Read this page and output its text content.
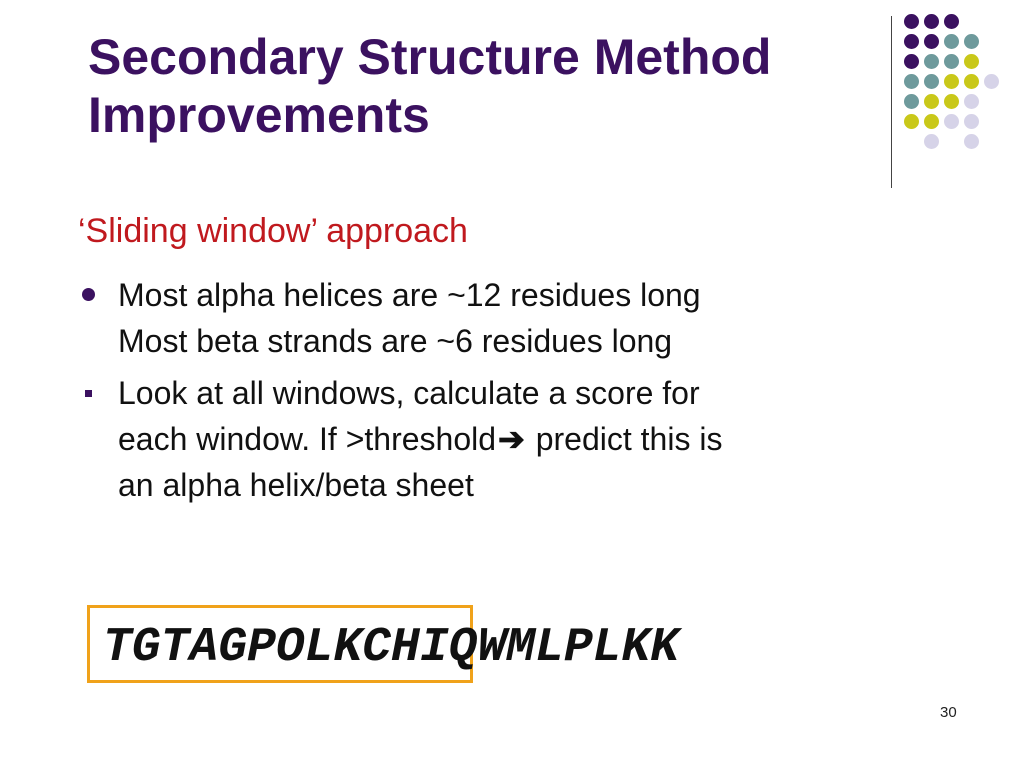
Secondary Structure Method
Improvements

‘Sliding window’ approach

Most alpha helices are ~12 residues long
Most beta strands are ~6 residues long
Look at all windows, calculate a score for
each window. If >threshold➔ predict this is
an alpha helix/beta sheet

TGTAGPOLKCHIQWMLPLKK

30
